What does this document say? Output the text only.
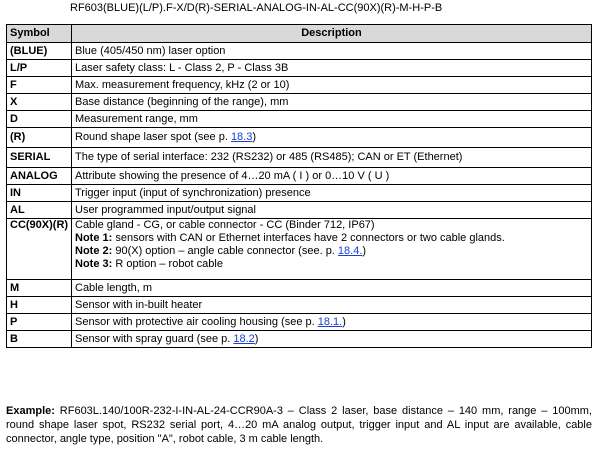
RF603(BLUE)(L/P).F-X/D(R)-SERIAL-ANALOG-IN-AL-CC(90X)(R)-M-H-P-B
Symbol	Description
(BLUE)	Blue (405/450 nm) laser option
L/P	Laser safety class: L - Class 2, P - Class 3B
F	Max. measurement frequency, kHz (2 or 10)
X	Base distance (beginning of the range), mm
D	Measurement range, mm
(R)	Round shape laser spot (see p. 18.3)
SERIAL	The type of serial interface: 232 (RS232) or 485 (RS485); CAN or ET (Ethernet)
ANALOG	Attribute showing the presence of 4…20 mA ( I ) or 0…10 V ( U )
IN	Trigger input (input of synchronization) presence
AL	User programmed input/output signal
CC(90X)(R)	Cable gland - CG, or cable connector - CC (Binder 712, IP67)
Note 1: sensors with CAN or Ethernet interfaces have 2 connectors or two cable glands.
Note 2: 90(X) option – angle cable connector (see. p. 18.4.)
Note 3: R option – robot cable

M	Cable length, m
H	Sensor with in-built heater
P	Sensor with protective air cooling housing (see p. 18.1.)
B	Sensor with spray guard (see p. 18.2)
Example: RF603L.140/100R-232-I-IN-AL-24-CCR90A-3 – Class 2 laser, base distance – 140 mm, range – 100mm, round shape laser spot, RS232 serial port, 4…20 mA analog output, trigger input and AL input are available, cable connector, angle type, position "A", robot cable, 3 m cable length.
